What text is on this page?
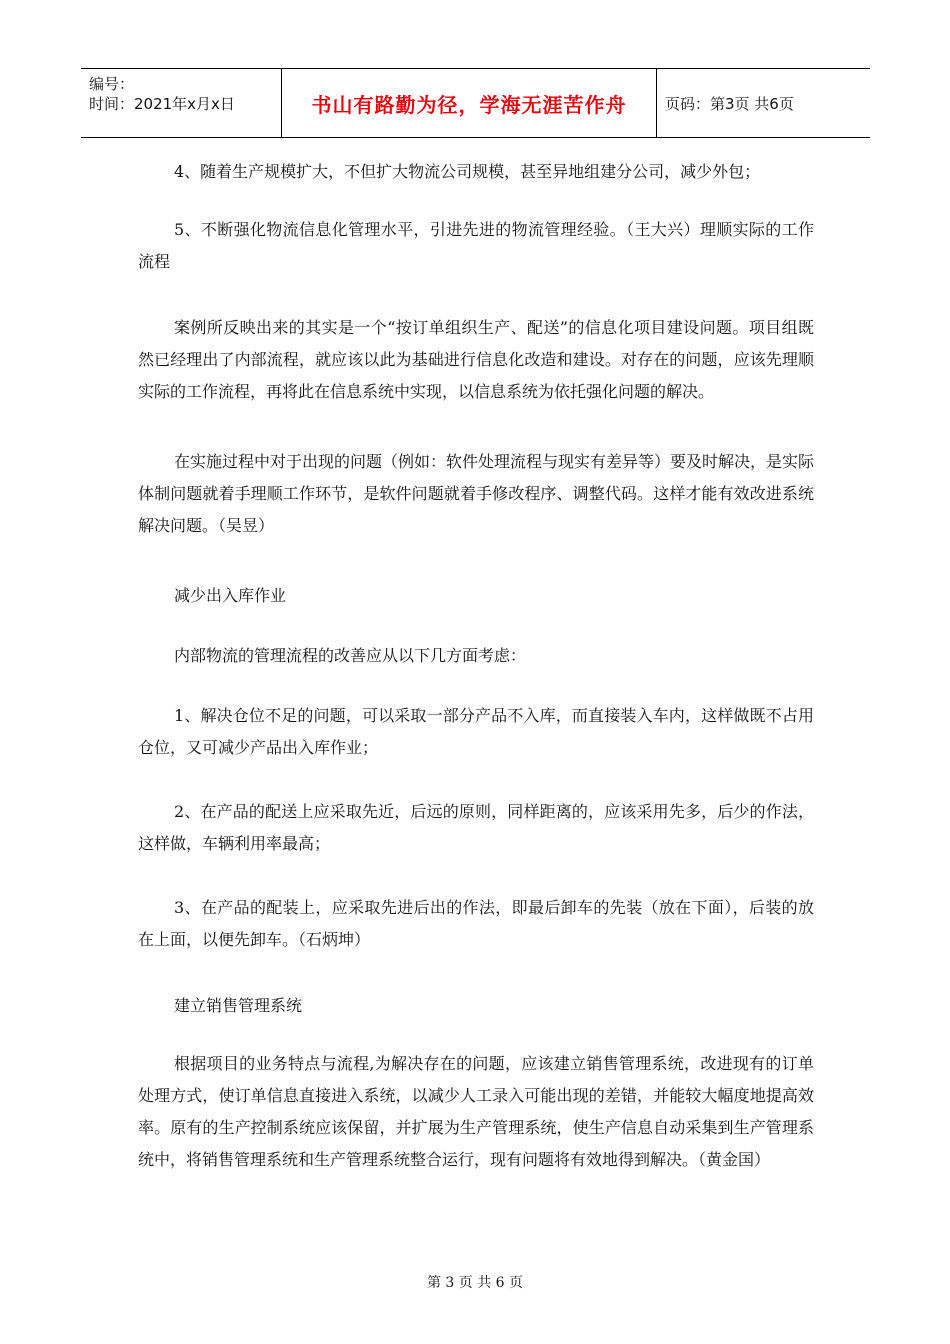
编号：
时间：2021年x月x日	书山有路勤为径，学海无涯苦作舟	页码：第3页 共6页

4、随着生产规模扩大，不但扩大物流公司规模，甚至异地组建分公司，减少外包；

5、不断强化物流信息化管理水平，引进先进的物流管理经验。（王大兴）理顺实际的工作流程

案例所反映出来的其实是一个“按订单组织生产、配送”的信息化项目建设问题。项目组既然已经理出了内部流程，就应该以此为基础进行信息化改造和建设。对存在的问题，应该先理顺实际的工作流程，再将此在信息系统中实现，以信息系统为依托强化问题的解决。

在实施过程中对于出现的问题（例如：软件处理流程与现实有差异等）要及时解决，是实际体制问题就着手理顺工作环节，是软件问题就着手修改程序、调整代码。这样才能有效改进系统解决问题。（吴昱）

减少出入库作业

内部物流的管理流程的改善应从以下几方面考虑：

1、解决仓位不足的问题，可以采取一部分产品不入库，而直接装入车内，这样做既不占用仓位，又可减少产品出入库作业；

2、在产品的配送上应采取先近，后远的原则，同样距离的，应该采用先多，后少的作法，这样做，车辆利用率最高；

3、在产品的配装上，应采取先进后出的作法，即最后卸车的先装（放在下面），后装的放在上面，以便先卸车。（石炳坤）

建立销售管理系统

根据项目的业务特点与流程,为解决存在的问题，应该建立销售管理系统，改进现有的订单处理方式，使订单信息直接进入系统，以减少人工录入可能出现的差错，并能较大幅度地提高效率。原有的生产控制系统应该保留，并扩展为生产管理系统，使生产信息自动采集到生产管理系统中，将销售管理系统和生产管理系统整合运行，现有问题将有效地得到解决。（黄金国）

第 3 页 共 6 页
